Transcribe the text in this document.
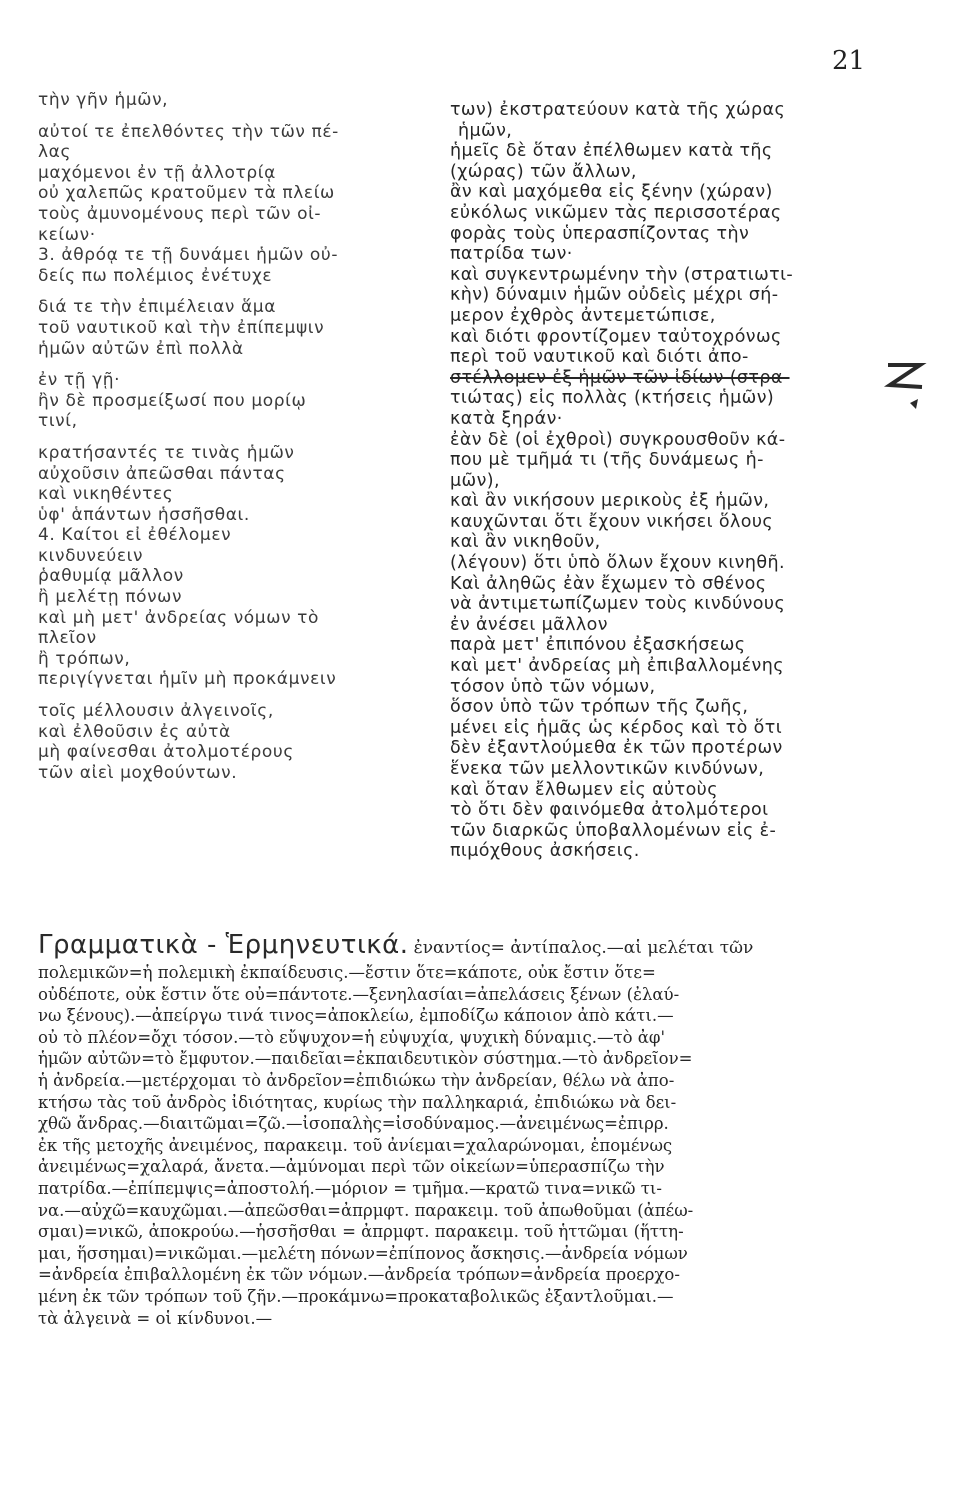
21
τὴν γῆν ἡμῶν,
αὐτοί τε ἐπελθόντες τὴν τῶν πέ-
λας
μαχόμενοι ἐν τῇ ἀλλοτρίᾳ
οὐ χαλεπῶς κρατοῦμεν τὰ πλείω
τοὺς ἀμυνομένους περὶ τῶν οἰ-
κείων·
3. ἀθρόᾳ τε τῇ δυνάμει ἡμῶν οὐ-
δείς πω πολέμιος ἐνέτυχε
διά τε τὴν ἐπιμέλειαν ἅμα
τοῦ ναυτικοῦ καὶ τὴν ἐπίπεμψιν
ἡμῶν αὐτῶν ἐπὶ πολλὰ
ἐν τῇ γῇ·
ἢν δὲ προσμείξωσί που μορίῳ
τινί,
κρατήσαντές τε τινὰς ἡμῶν
αὐχοῦσιν ἀπεῶσθαι πάντας
καὶ νικηθέντες
ὑφ' ἁπάντων ἡσσῆσθαι.
4. Καίτοι εἰ ἐθέλομεν
κινδυνεύειν
ῥαθυμίᾳ μᾶλλον
ἢ μελέτῃ πόνων
καὶ μὴ μετ' ἀνδρείας νόμων τὸ
πλεῖον
ἢ τρόπων,
περιγίγνεται ἡμῖν μὴ προκάμνειν
τοῖς μέλλουσιν ἀλγεινοῖς,
καὶ ἐλθοῦσιν ἐς αὐτὰ
μὴ φαίνεσθαι ἀτολμοτέρους
τῶν αἰεὶ μοχθούντων.
των) ἐκστρατεύουν κατὰ τῆς χώρας
ἡμῶν,
ἡμεῖς δὲ ὅταν ἐπέλθωμεν κατὰ τῆς
(χώρας) τῶν ἄλλων,
ἂν καὶ μαχόμεθα εἰς ξένην (χώραν)
εὐκόλως νικῶμεν τὰς περισσοτέρας
φορὰς τοὺς ὑπερασπίζοντας τὴν
πατρίδα των·
καὶ συγκεντρωμένην τὴν (στρατιωτι-
κὴν) δύναμιν ἡμῶν οὐδεὶς μέχρι σή-
μερον ἐχθρὸς ἀντεμετώπισε,
καὶ διότι φροντίζομεν ταὐτοχρόνως
περὶ τοῦ ναυτικοῦ καὶ διότι ἀπο-
στέλλομεν ἐξ ἡμῶν τῶν ἰδίων (στρα-
τιώτας) εἰς πολλὰς (κτήσεις ἡμῶν)
κατὰ ξηράν·
ἐὰν δὲ (οἱ ἐχθροὶ) συγκρουσθοῦν κά-
που μὲ τμῆμά τι (τῆς δυνάμεως ἡ-
μῶν),
καὶ ἂν νικήσουν μερικοὺς ἐξ ἡμῶν,
καυχῶνται ὅτι ἔχουν νικήσει ὅλους
καὶ ἂν νικηθοῦν,
(λέγουν) ὅτι ὑπὸ ὅλων ἔχουν κινηθῆ.
Καὶ ἀληθῶς ἐὰν ἔχωμεν τὸ σθένος
νὰ ἀντιμετωπίζωμεν τοὺς κινδύνους
ἐν ἀνέσει μᾶλλον
παρὰ μετ' ἐπιπόνου ἐξασκήσεως
καὶ μετ' ἀνδρείας μὴ ἐπιβαλλομένης
τόσον ὑπὸ τῶν νόμων,
ὅσον ὑπὸ τῶν τρόπων τῆς ζωῆς,
μένει εἰς ἡμᾶς ὡς κέρδος καὶ τὸ ὅτι
δὲν ἐξαντλούμεθα ἐκ τῶν προτέρων
ἕνεκα τῶν μελλοντικῶν κινδύνων,
καὶ ὅταν ἔλθωμεν εἰς αὐτοὺς
τὸ ὅτι δὲν φαινόμεθα ἀτολμότεροι
τῶν διαρκῶς ὑποβαλλομένων εἰς ἐ-
πιμόχθους ἀσκήσεις.
Γραμματικὰ - Ἑρμηνευτικά. ἐναντίος= ἀντίπαλος.—αἱ μελέται τῶν
πολεμικῶν=ἡ πολεμικὴ ἐκπαίδευσις.—ἔστιν ὅτε=κάποτε, οὐκ ἔστιν ὅτε=
οὐδέποτε, οὐκ ἔστιν ὅτε οὐ=πάντοτε.—ξενηλασίαι=ἀπελάσεις ξένων (ἐλαύ-
νω ξένους).—ἀπείργω τινά τινος=ἀποκλείω, ἐμποδίζω κάποιον ἀπὸ κάτι.—
οὐ τὸ πλέον=ὄχι τόσον.—τὸ εὔψυχον=ἡ εὐψυχία, ψυχικὴ δύναμις.—τὸ ἀφ'
ἡμῶν αὐτῶν=τὸ ἔμφυτον.—παιδεῖαι=ἐκπαιδευτικὸν σύστημα.—τὸ ἀνδρεῖον=
ἡ ἀνδρεία.—μετέρχομαι τὸ ἀνδρεῖον=ἐπιδιώκω τὴν ἀνδρείαν, θέλω νὰ ἀπο-
κτήσω τὰς τοῦ ἀνδρὸς ἰδιότητας, κυρίως τὴν παλληκαριά, ἐπιδιώκω νὰ δει-
χθῶ ἄνδρας.—διαιτῶμαι=ζῶ.—ἰσοπαλὴς=ἰσοδύναμος.—ἀνειμένως=ἐπιρρ.
ἐκ τῆς μετοχῆς ἀνειμένος, παρακειμ. τοῦ ἀνίεμαι=χαλαρώνομαι, ἑπομένως
ἀνειμένως=χαλαρά, ἄνετα.—ἀμύνομαι περὶ τῶν οἰκείων=ὑπερασπίζω τὴν
πατρίδα.—ἐπίπεμψις=ἀποστολή.—μόριον = τμῆμα.—κρατῶ τινα=νικῶ τι-
να.—αὐχῶ=καυχῶμαι.—ἀπεῶσθαι=ἀπρμφτ. παρακειμ. τοῦ ἀπωθοῦμαι (ἀπέω-
σμαι)=νικῶ, ἀποκρούω.—ἡσσῆσθαι = ἀπρμφτ. παρακειμ. τοῦ ἡττῶμαι (ἥττη-
μαι, ἥσσημαι)=νικῶμαι.—μελέτη πόνων=ἐπίπονος ἄσκησις.—ἀνδρεία νόμων
=ἀνδρεία ἐπιβαλλομένη ἐκ τῶν νόμων.—ἀνδρεία τρόπων=ἀνδρεία προερχο-
μένη ἐκ τῶν τρόπων τοῦ ζῆν.—προκάμνω=προκαταβολικῶς ἐξαντλοῦμαι.—
τὰ ἀλγεινὰ = οἱ κίνδυνοι.—
